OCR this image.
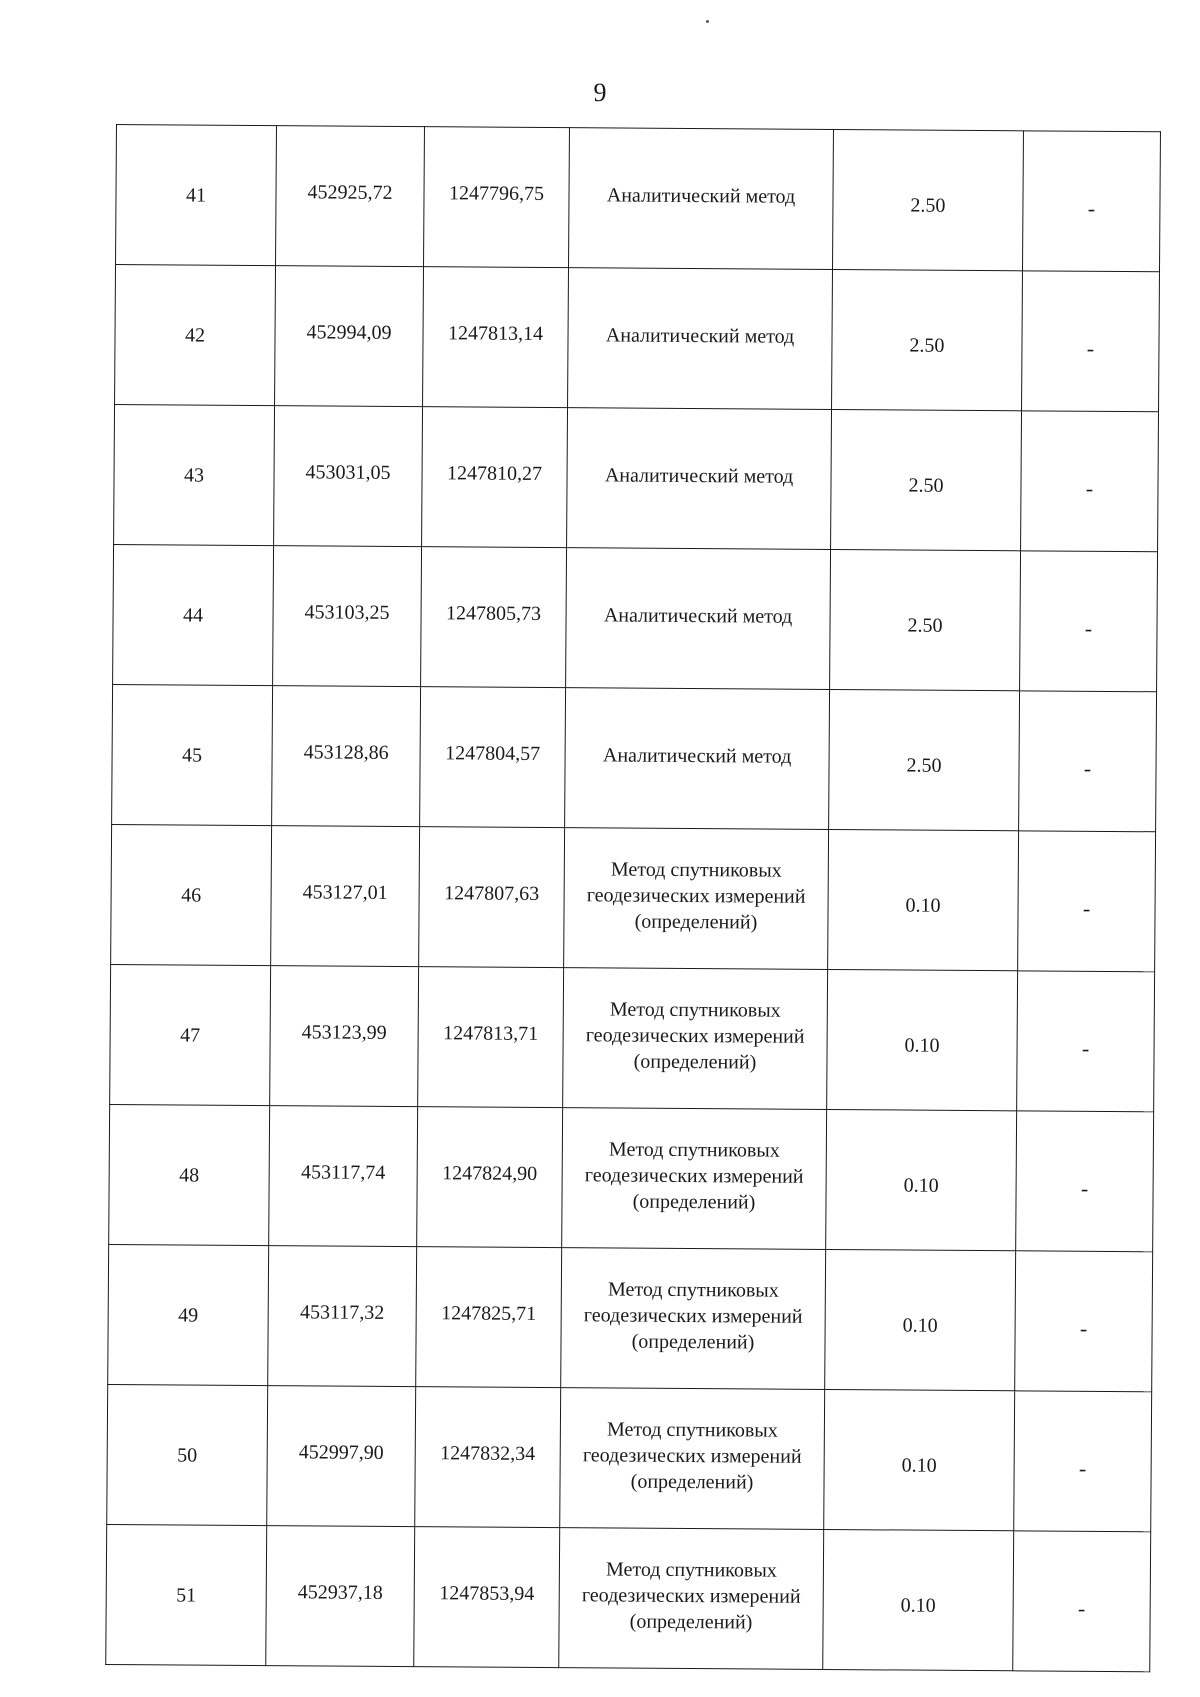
9
41	452925,72	1247796,75	Аналитический метод	2.50	-
42	452994,09	1247813,14	Аналитический метод	2.50	-
43	453031,05	1247810,27	Аналитический метод	2.50	-
44	453103,25	1247805,73	Аналитический метод	2.50	-
45	453128,86	1247804,57	Аналитический метод	2.50	-
46	453127,01	1247807,63	Метод спутниковых геодезических измерений (определений)	0.10	-
47	453123,99	1247813,71	Метод спутниковых геодезических измерений (определений)	0.10	-
48	453117,74	1247824,90	Метод спутниковых геодезических измерений (определений)	0.10	-
49	453117,32	1247825,71	Метод спутниковых геодезических измерений (определений)	0.10	-
50	452997,90	1247832,34	Метод спутниковых геодезических измерений (определений)	0.10	-
51	452937,18	1247853,94	Метод спутниковых геодезических измерений (определений)	0.10	-
